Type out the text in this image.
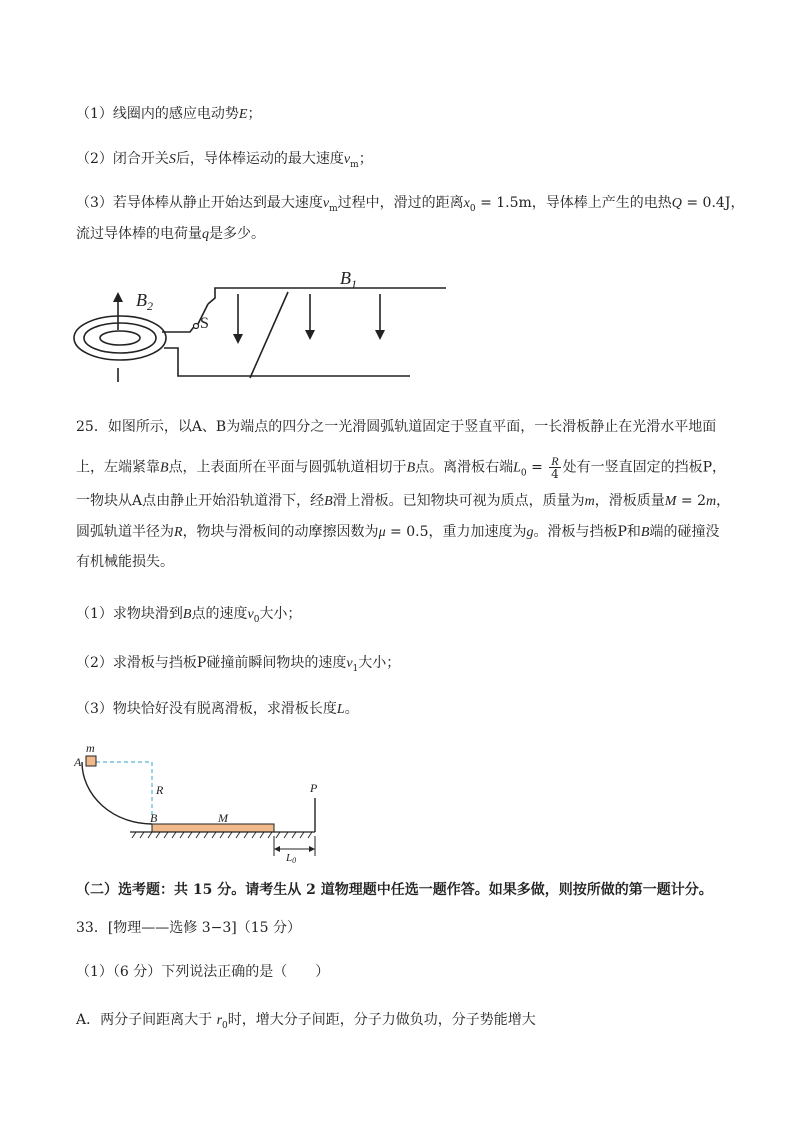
（1）线圈内的感应电动势E；
（2）闭合开关S后，导体棒运动的最大速度$v_m$；
（3）若导体棒从静止开始达到最大速度$v_m$过程中，滑过的距离$x_0 = 1.5m$，导体棒上产生的电热Q = 0.4J，
流过导体棒的电荷量q是多少。
$B_2$
S
$B_1$
25．如图所示，以A、B为端点的四分之一光滑圆弧轨道固定于竖直平面，一长滑板静止在光滑水平地面
上，左端紧靠B点，上表面所在平面与圆弧轨道相切于B点。离滑板右端$L_0 = \frac{R}{4}$ 处有一竖直固定的挡板P，
一物块从A点由静止开始沿轨道滑下，经B滑上滑板。已知物块可视为质点，质量为m，滑板质量M = 2m，
圆弧轨道半径为R，物块与滑板间的动摩擦因数为μ = 0.5，重力加速度为g。滑板与挡板P和B端的碰撞没
有机械能损失。
（1）求物块滑到B点的速度$v_0$大小；
（2）求滑板与挡板P碰撞前瞬间物块的速度$v_1$大小；
（3）物块恰好没有脱离滑板，求滑板长度L。
m
A
R
B	M
P
L0
（二）选考题：共 15 分。请考生从 2 道物理题中任选一题作答。如果多做，则按所做的第一题计分。
33．[物理——选修 3−3]（15 分）
（1）（6 分）下列说法正确的是（　　）
A．两分子间距离大于 $r_0$时，增大分子间距，分子力做负功，分子势能增大
